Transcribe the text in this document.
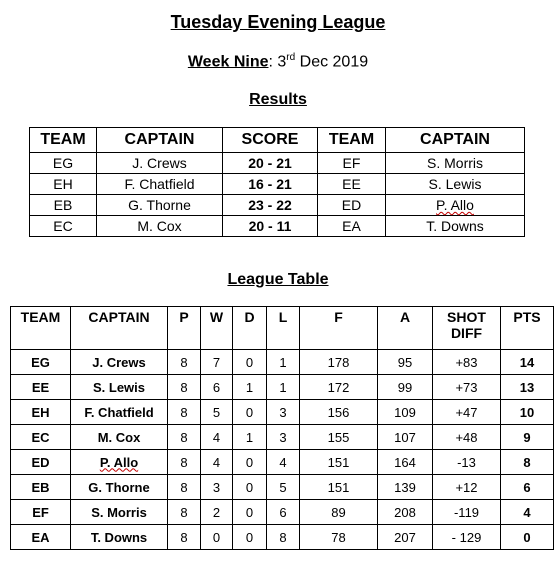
Tuesday Evening League
Week Nine: 3rd Dec 2019
Results
TEAM	CAPTAIN	SCORE	TEAM	CAPTAIN
EG	J. Crews	20 - 21	EF	S. Morris
EH	F. Chatfield	16 - 21	EE	S. Lewis
EB	G. Thorne	23 - 22	ED	P. Allo
EC	M. Cox	20 - 11	EA	T. Downs
League Table
TEAM	CAPTAIN	P	W	D	L	F	A	SHOT DIFF	PTS
EG	J. Crews	8	7	0	1	178	95	+83	14
EE	S. Lewis	8	6	1	1	172	99	+73	13
EH	F. Chatfield	8	5	0	3	156	109	+47	10
EC	M. Cox	8	4	1	3	155	107	+48	9
ED	P. Allo	8	4	0	4	151	164	-13	8
EB	G. Thorne	8	3	0	5	151	139	+12	6
EF	S. Morris	8	2	0	6	89	208	-119	4
EA	T. Downs	8	0	0	8	78	207	- 129	0
